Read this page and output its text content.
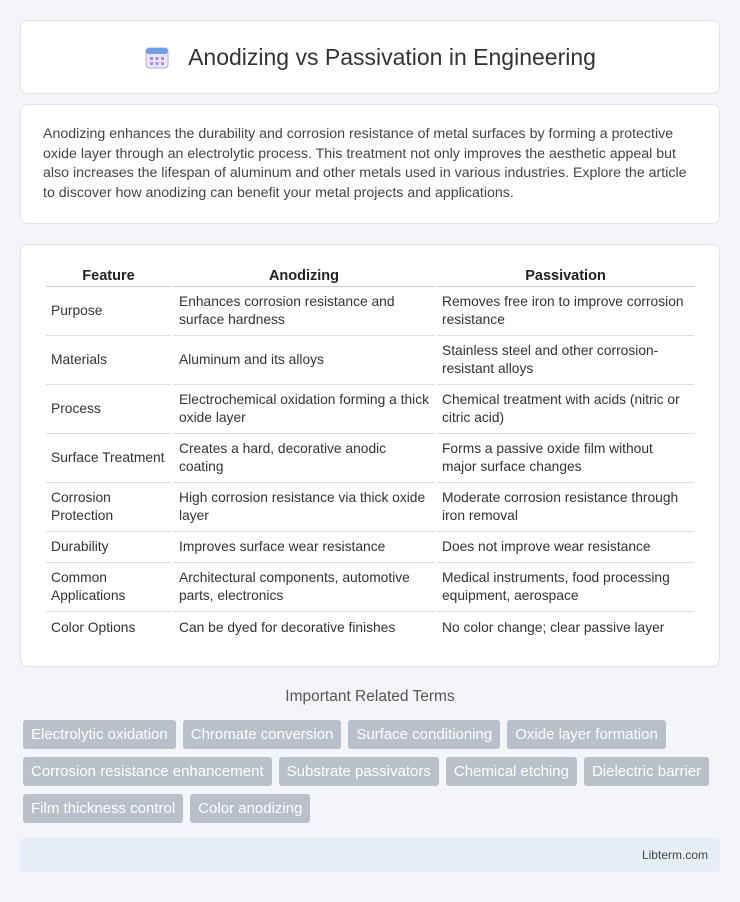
Anodizing vs Passivation in Engineering

Anodizing enhances the durability and corrosion resistance of metal surfaces by forming a protective oxide layer through an electrolytic process. This treatment not only improves the aesthetic appeal but also increases the lifespan of aluminum and other metals used in various industries. Explore the article to discover how anodizing can benefit your metal projects and applications.

Feature	Anodizing	Passivation
Purpose	Enhances corrosion resistance and surface hardness	Removes free iron to improve corrosion resistance
Materials	Aluminum and its alloys	Stainless steel and other corrosion-resistant alloys
Process	Electrochemical oxidation forming a thick oxide layer	Chemical treatment with acids (nitric or citric acid)
Surface Treatment	Creates a hard, decorative anodic coating	Forms a passive oxide film without major surface changes
Corrosion Protection	High corrosion resistance via thick oxide layer	Moderate corrosion resistance through iron removal
Durability	Improves surface wear resistance	Does not improve wear resistance
Common Applications	Architectural components, automotive parts, electronics	Medical instruments, food processing equipment, aerospace
Color Options	Can be dyed for decorative finishes	No color change; clear passive layer
Important Related Terms
Electrolytic oxidation	Chromate conversion	Surface conditioning	Oxide layer formation
Corrosion resistance enhancement	Substrate passivators	Chemical etching	Dielectric barrier
Film thickness control	Color anodizing
Libterm.com
